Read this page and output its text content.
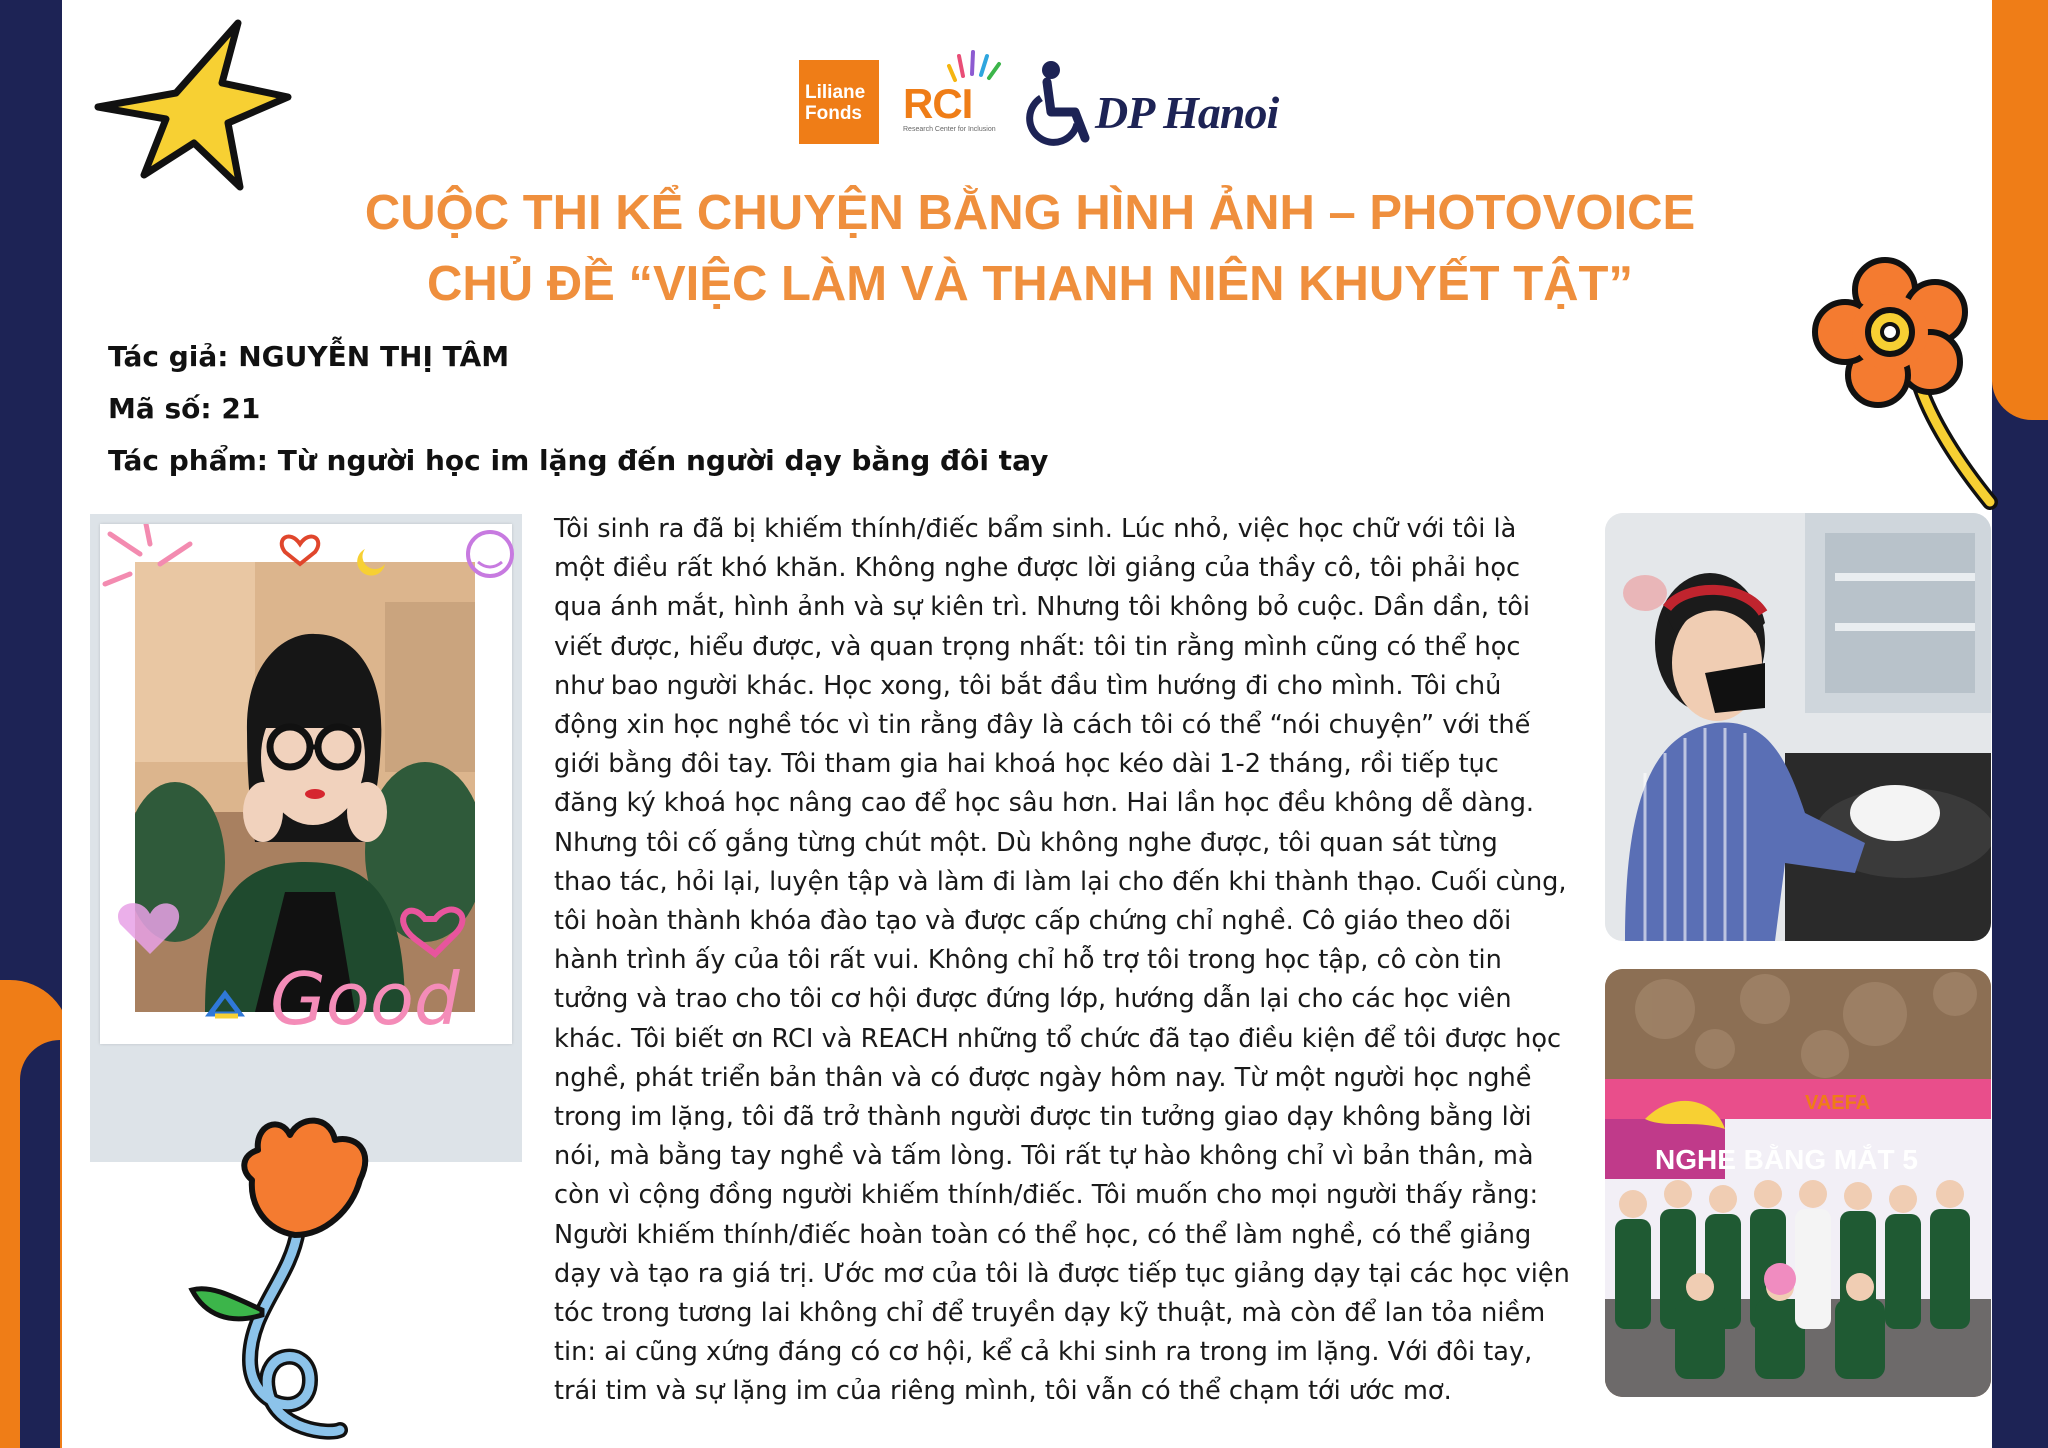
Liliane
Fonds RCI
Research Center for Inclusion DP Hanoi
CUỘC THI KỂ CHUYỆN BẰNG HÌNH ẢNH – PHOTOVOICE
CHỦ ĐỀ “VIỆC LÀM VÀ THANH NIÊN KHUYẾT TẬT”
Tác giả: NGUYỄN THỊ TÂM
Mã số: 21
Tác phẩm: Từ người học im lặng đến người dạy bằng đôi tay
Good
Tôi sinh ra đã bị khiếm thính/điếc bẩm sinh. Lúc nhỏ, việc học chữ với tôi là
một điều rất khó khăn. Không nghe được lời giảng của thầy cô, tôi phải học
qua ánh mắt, hình ảnh và sự kiên trì. Nhưng tôi không bỏ cuộc. Dần dần, tôi
viết được, hiểu được, và quan trọng nhất: tôi tin rằng mình cũng có thể học
như bao người khác. Học xong, tôi bắt đầu tìm hướng đi cho mình. Tôi chủ
động xin học nghề tóc vì tin rằng đây là cách tôi có thể “nói chuyện” với thế
giới bằng đôi tay. Tôi tham gia hai khoá học kéo dài 1-2 tháng, rồi tiếp tục
đăng ký khoá học nâng cao để học sâu hơn. Hai lần học đều không dễ dàng.
Nhưng tôi cố gắng từng chút một. Dù không nghe được, tôi quan sát từng
thao tác, hỏi lại, luyện tập và làm đi làm lại cho đến khi thành thạo. Cuối cùng,
tôi hoàn thành khóa đào tạo và được cấp chứng chỉ nghề. Cô giáo theo dõi
hành trình ấy của tôi rất vui. Không chỉ hỗ trợ tôi trong học tập, cô còn tin
tưởng và trao cho tôi cơ hội được đứng lớp, hướng dẫn lại cho các học viên
khác. Tôi biết ơn RCI và REACH những tổ chức đã tạo điều kiện để tôi được học
nghề, phát triển bản thân và có được ngày hôm nay. Từ một người học nghề
trong im lặng, tôi đã trở thành người được tin tưởng giao dạy không bằng lời
nói, mà bằng tay nghề và tấm lòng. Tôi rất tự hào không chỉ vì bản thân, mà
còn vì cộng đồng người khiếm thính/điếc. Tôi muốn cho mọi người thấy rằng:
Người khiếm thính/điếc hoàn toàn có thể học, có thể làm nghề, có thể giảng
dạy và tạo ra giá trị. Ước mơ của tôi là được tiếp tục giảng dạy tại các học viện
tóc trong tương lai không chỉ để truyền dạy kỹ thuật, mà còn để lan tỏa niềm
tin: ai cũng xứng đáng có cơ hội, kể cả khi sinh ra trong im lặng. Với đôi tay,
trái tim và sự lặng im của riêng mình, tôi vẫn có thể chạm tới ước mơ.
NGHE BẰNG MẮT 5
VAEFA
